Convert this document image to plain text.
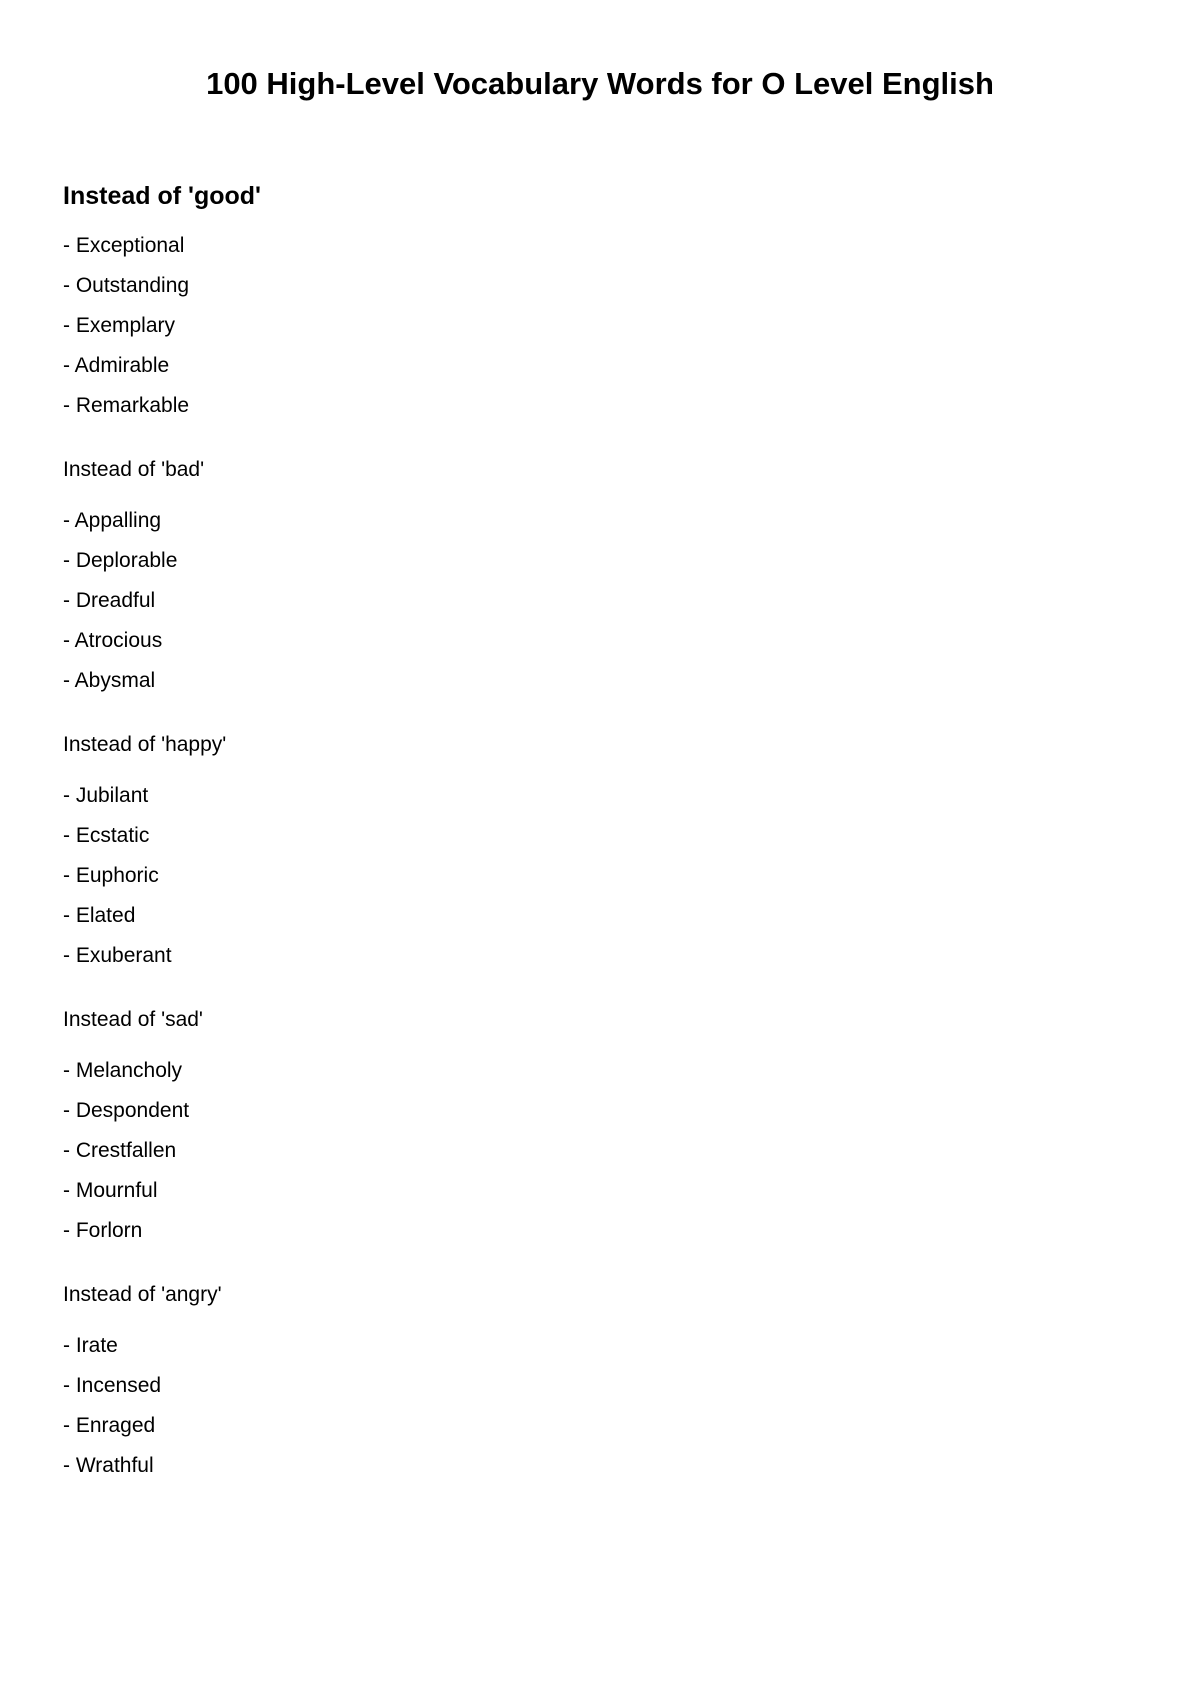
100 High-Level Vocabulary Words for O Level English
Instead of 'good'
- Exceptional
- Outstanding
- Exemplary
- Admirable
- Remarkable
Instead of 'bad'
- Appalling
- Deplorable
- Dreadful
- Atrocious
- Abysmal
Instead of 'happy'
- Jubilant
- Ecstatic
- Euphoric
- Elated
- Exuberant
Instead of 'sad'
- Melancholy
- Despondent
- Crestfallen
- Mournful
- Forlorn
Instead of 'angry'
- Irate
- Incensed
- Enraged
- Wrathful
